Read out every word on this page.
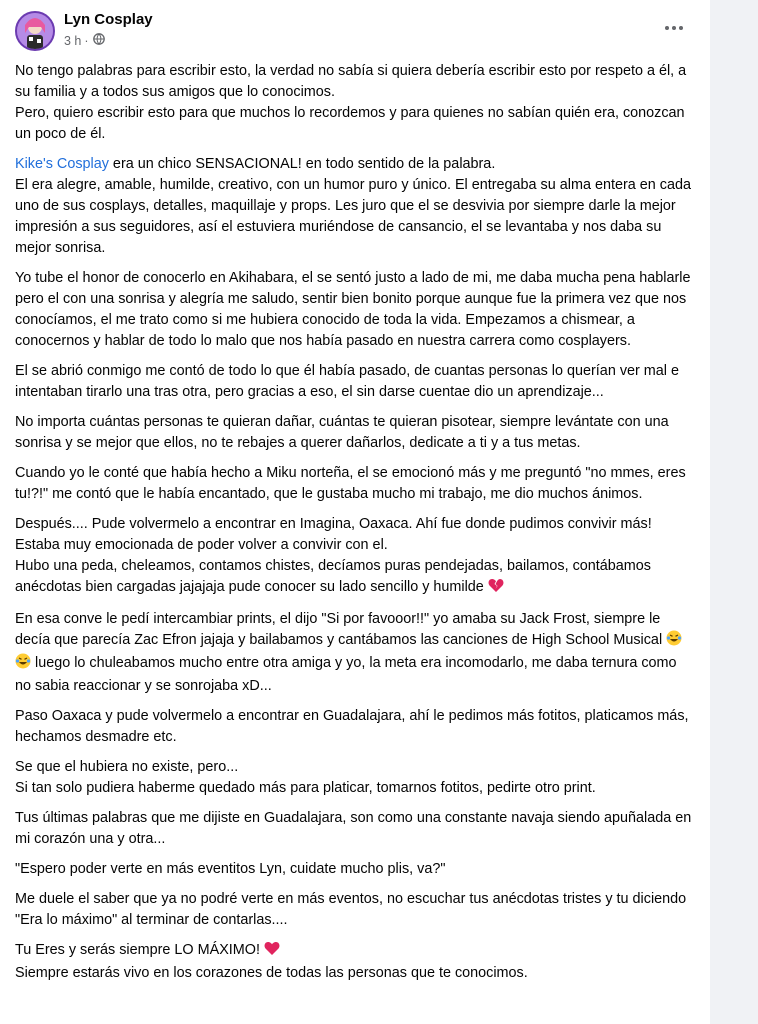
Lyn Cosplay
3 h ·

No tengo palabras para escribir esto, la verdad no sabía si quiera debería escribir esto por respeto a él, a su familia y a todos sus amigos que lo conocimos.
Pero, quiero escribir esto para que muchos lo recordemos y para quienes no sabían quién era, conozcan un poco de él.

Kike's Cosplay era un chico SENSACIONAL! en todo sentido de la palabra.
El era alegre, amable, humilde, creativo, con un humor puro y único. El entregaba su alma entera en cada uno de sus cosplays, detalles, maquillaje y props. Les juro que el se desvivia por siempre darle la mejor impresión a sus seguidores, así el estuviera muriéndose de cansancio, el se levantaba y nos daba su mejor sonrisa.

Yo tube el honor de conocerlo en Akihabara, el se sentó justo a lado de mi, me daba mucha pena hablarle pero el con una sonrisa y alegría me saludo, sentir bien bonito porque aunque fue la primera vez que nos conocíamos, el me trato como si me hubiera conocido de toda la vida. Empezamos a chismear, a conocernos y hablar de todo lo malo que nos había pasado en nuestra carrera como cosplayers.

El se abrió conmigo me contó de todo lo que él había pasado, de cuantas personas lo querían ver mal e intentaban tirarlo una tras otra, pero gracias a eso, el sin darse cuentae dio un aprendizaje...

No importa cuántas personas te quieran dañar, cuántas te quieran pisotear, siempre levántate con una sonrisa y se mejor que ellos, no te rebajes a querer dañarlos, dedicate a ti y a tus metas.

Cuando yo le conté que había hecho a Miku norteña, el se emocionó más y me preguntó "no mmes, eres tu!?!" me contó que le había encantado, que le gustaba mucho mi trabajo, me dio muchos ánimos.

Después.... Pude volvermelo a encontrar en Imagina, Oaxaca. Ahí fue donde pudimos convivir más! Estaba muy emocionada de poder volver a convivir con el.
Hubo una peda, cheleamos, contamos chistes, decíamos puras pendejadas, bailamos, contábamos anécdotas bien cargadas jajajaja pude conocer su lado sencillo y humilde

En esa conve le pedí intercambiar prints, el dijo "Si por favooor!!" yo amaba su Jack Frost, siempre le decía que parecía Zac Efron jajaja y bailabamos y cantábamos las canciones de High School Musical  luego lo chuleabamos mucho entre otra amiga y yo, la meta era incomodarlo, me daba ternura como no sabia reaccionar y se sonrojaba xD...

Paso Oaxaca y pude volvermelo a encontrar en Guadalajara, ahí le pedimos más fotitos, platicamos más, hechamos desmadre etc.

Se que el hubiera no existe, pero...
Si tan solo pudiera haberme quedado más para platicar, tomarnos fotitos, pedirte otro print.

Tus últimas palabras que me dijiste en Guadalajara, son como una constante navaja siendo apuñalada en mi corazón una y otra...

"Espero poder verte en más eventitos Lyn, cuidate mucho plis, va?"

Me duele el saber que ya no podré verte en más eventos, no escuchar tus anécdotas tristes y tu diciendo "Era lo máximo" al terminar de contarlas....

Tu Eres y serás siempre LO MÁXIMO!
Siempre estarás vivo en los corazones de todas las personas que te conocimos.
